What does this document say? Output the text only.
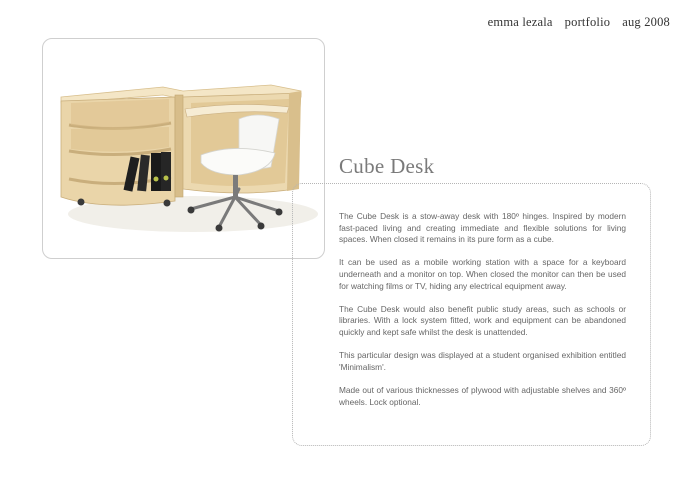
emma lezala portfolio aug 2008
Cube Desk

The Cube Desk is a stow-away desk with 180º hinges. Inspired by modern fast-paced living and creating immediate and flexible solutions for living spaces. When closed it remains in its pure form as a cube.

It can be used as a mobile working station with a space for a keyboard underneath and a monitor on top. When closed the monitor can then be used for watching films or TV, hiding any electrical equipment away.

The Cube Desk would also benefit public study areas, such as schools or libraries. With a lock system fitted, work and equipment can be abandoned quickly and kept safe whilst the desk is unattended.

This particular design was displayed at a student organised exhibition entitled 'Minimalism'.

Made out of various thicknesses of plywood with adjustable shelves and 360º wheels. Lock optional.
